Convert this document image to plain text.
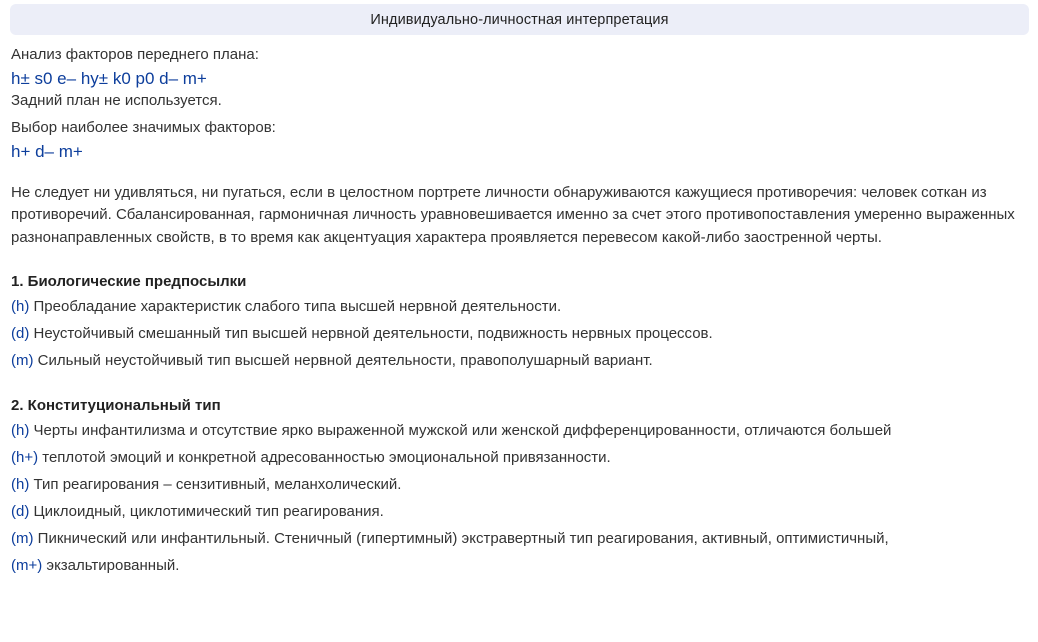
Индивидуально-личностная интерпретация
Анализ факторов переднего плана:
h± s0 e– hy± k0 p0 d– m+
Задний план не используется.
Выбор наиболее значимых факторов:
h+ d– m+
Не следует ни удивляться, ни пугаться, если в целостном портрете личности обнаруживаются кажущиеся противоречия: человек соткан из противоречий. Сбалансированная, гармоничная личность уравновешивается именно за счет этого противопоставления умеренно выраженных разнонаправленных свойств, в то время как акцентуация характера проявляется перевесом какой-либо заостренной черты.
1. Биологические предпосылки
(h) Преобладание характеристик слабого типа высшей нервной деятельности.
(d) Неустойчивый смешанный тип высшей нервной деятельности, подвижность нервных процессов.
(m) Сильный неустойчивый тип высшей нервной деятельности, правополушарный вариант.
2. Конституциональный тип
(h) Черты инфантилизма и отсутствие ярко выраженной мужской или женской дифференцированности, отличаются большей
(h+) теплотой эмоций и конкретной адресованностью эмоциональной привязанности.
(h) Тип реагирования – сензитивный, меланхолический.
(d) Циклоидный, циклотимический тип реагирования.
(m) Пикнический или инфантильный. Стеничный (гипертимный) экстравертный тип реагирования, активный, оптимистичный,
(m+) экзальтированный.
